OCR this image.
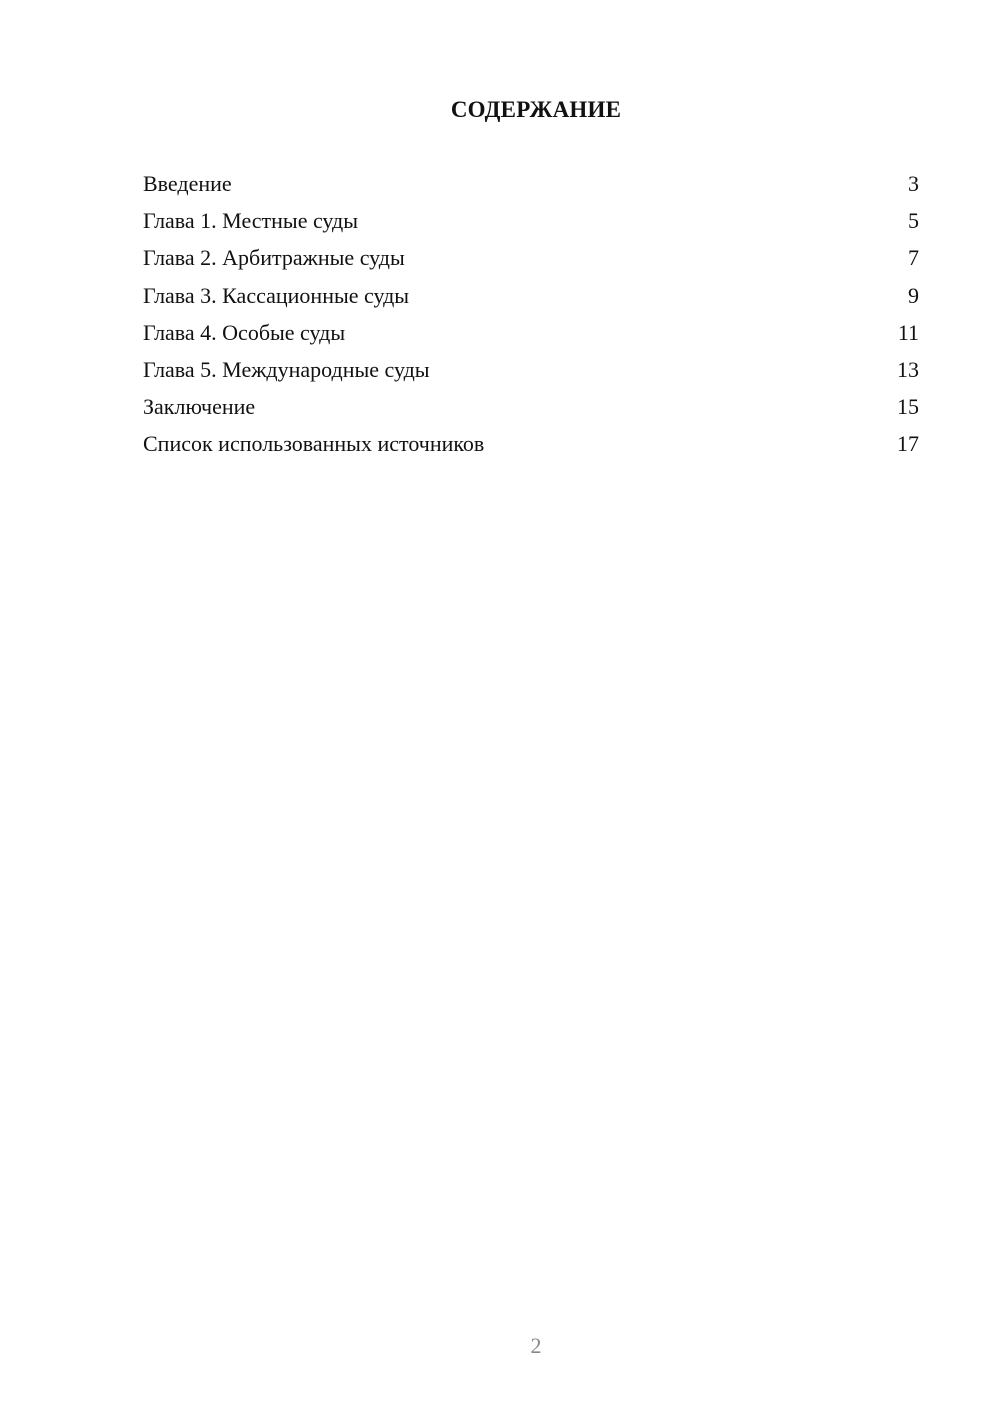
СОДЕРЖАНИЕ
Введение	3
Глава 1. Местные суды	5
Глава 2. Арбитражные суды	7
Глава 3. Кассационные суды	9
Глава 4. Особые суды	11
Глава 5. Международные суды	13
Заключение	15
Список использованных источников	17
2
